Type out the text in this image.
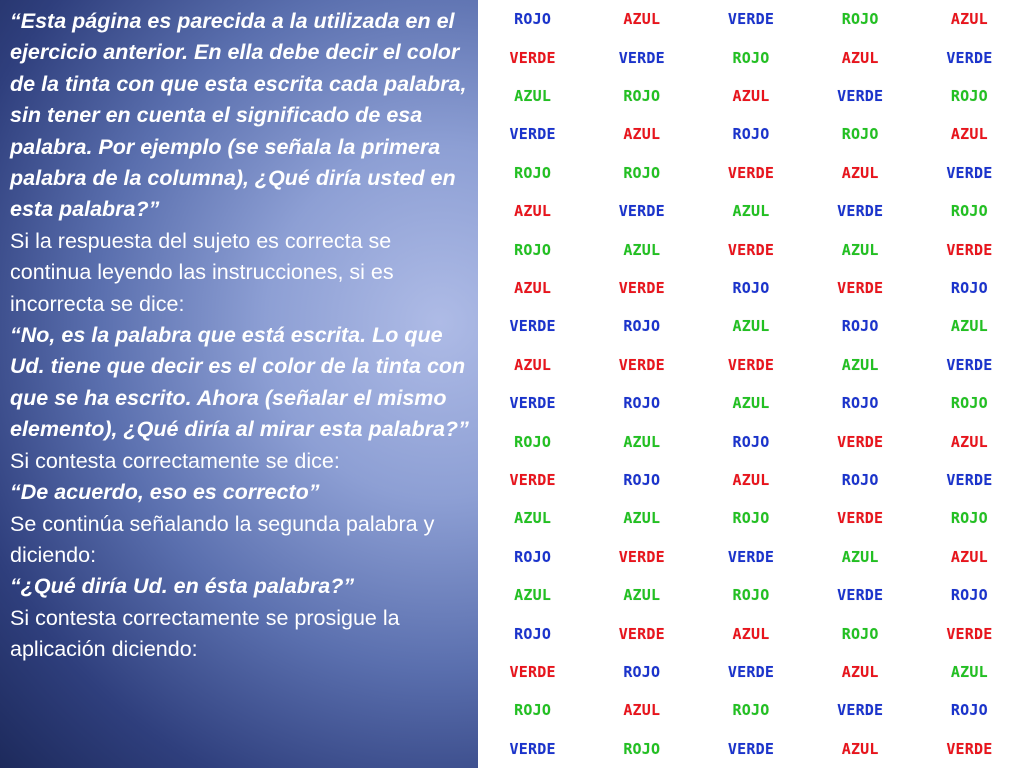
“Esta página es parecida a la utilizada en el ejercicio anterior. En ella debe decir el color de la tinta con que esta escrita cada palabra, sin tener en cuenta el significado de esa palabra. Por ejemplo (se señala la primera palabra de la columna), ¿Qué diría usted en esta palabra?”

Si la respuesta del sujeto es correcta se continua leyendo las instrucciones, si es incorrecta se dice:

“No, es la palabra que está escrita. Lo que Ud. tiene que decir es el color de la tinta con que se ha escrito. Ahora (señalar el mismo elemento), ¿Qué diría al mirar esta palabra?”

Si contesta correctamente se dice:

“De acuerdo, eso es correcto”

Se continúa señalando la segunda palabra y diciendo:

“¿Qué diría Ud. en ésta palabra?”

Si contesta correctamente se prosigue la aplicación diciendo:

ROJO	AZUL	VERDE	ROJO	AZUL
VERDE	VERDE	ROJO	AZUL	VERDE
AZUL	ROJO	AZUL	VERDE	ROJO
VERDE	AZUL	ROJO	ROJO	AZUL
ROJO	ROJO	VERDE	AZUL	VERDE
AZUL	VERDE	AZUL	VERDE	ROJO
ROJO	AZUL	VERDE	AZUL	VERDE
AZUL	VERDE	ROJO	VERDE	ROJO
VERDE	ROJO	AZUL	ROJO	AZUL
AZUL	VERDE	VERDE	AZUL	VERDE
VERDE	ROJO	AZUL	ROJO	ROJO
ROJO	AZUL	ROJO	VERDE	AZUL
VERDE	ROJO	AZUL	ROJO	VERDE
AZUL	AZUL	ROJO	VERDE	ROJO
ROJO	VERDE	VERDE	AZUL	AZUL
AZUL	AZUL	ROJO	VERDE	ROJO
ROJO	VERDE	AZUL	ROJO	VERDE
VERDE	ROJO	VERDE	AZUL	AZUL
ROJO	AZUL	ROJO	VERDE	ROJO
VERDE	ROJO	VERDE	AZUL	VERDE
